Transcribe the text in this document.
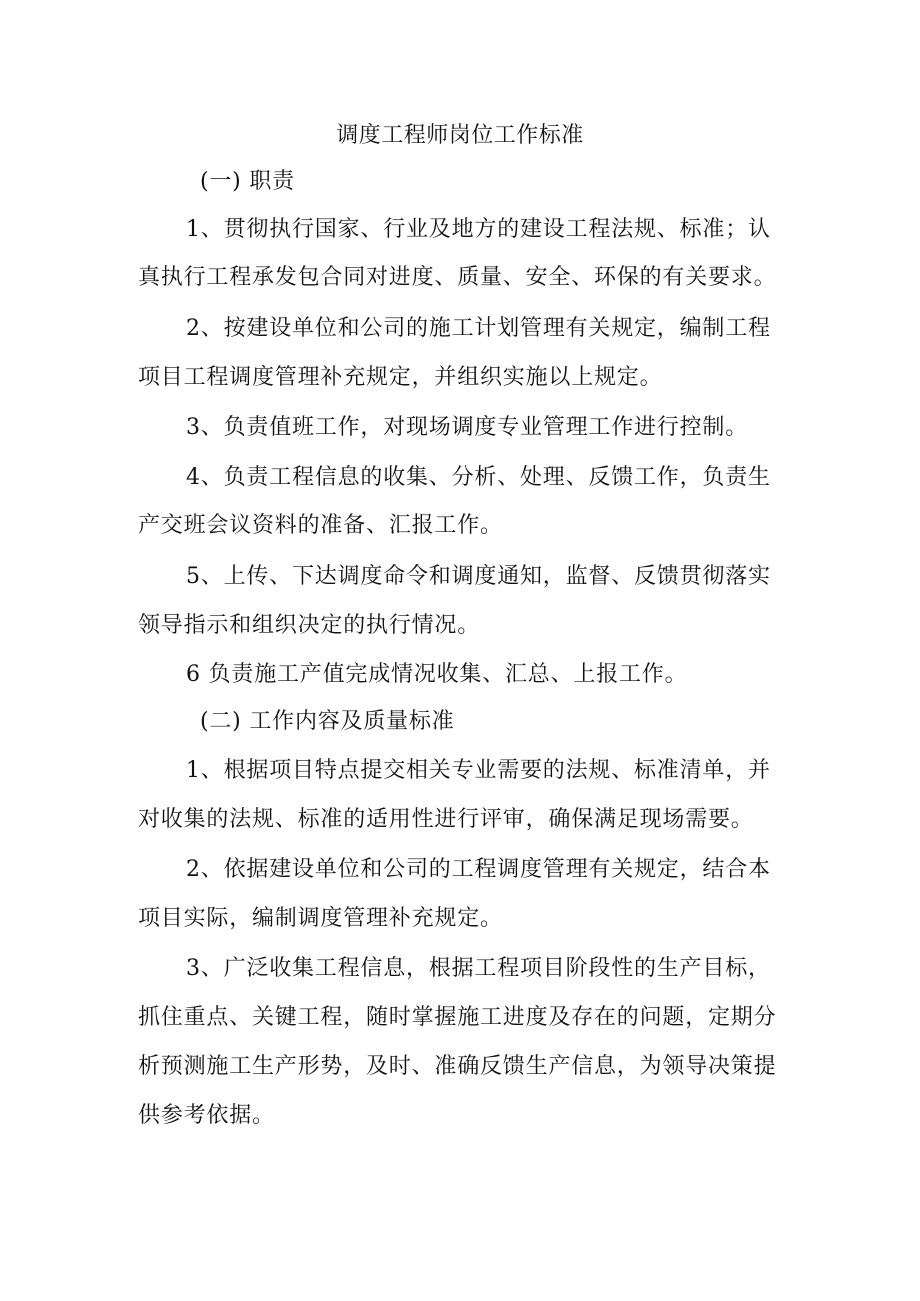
调度工程师岗位工作标准
(一) 职责
1、贯彻执行国家、行业及地方的建设工程法规、标准；认
真执行工程承发包合同对进度、质量、安全、环保的有关要求。
2、按建设单位和公司的施工计划管理有关规定，编制工程
项目工程调度管理补充规定，并组织实施以上规定。
3、负责值班工作，对现场调度专业管理工作进行控制。
4、负责工程信息的收集、分析、处理、反馈工作，负责生
产交班会议资料的准备、汇报工作。
5、上传、下达调度命令和调度通知，监督、反馈贯彻落实
领导指示和组织决定的执行情况。
6 负责施工产值完成情况收集、汇总、上报工作。
(二) 工作内容及质量标准
1、根据项目特点提交相关专业需要的法规、标准清单，并
对收集的法规、标准的适用性进行评审，确保满足现场需要。
2、依据建设单位和公司的工程调度管理有关规定，结合本
项目实际，编制调度管理补充规定。
3、广泛收集工程信息，根据工程项目阶段性的生产目标，
抓住重点、关键工程，随时掌握施工进度及存在的问题，定期分
析预测施工生产形势，及时、准确反馈生产信息，为领导决策提
供参考依据。
